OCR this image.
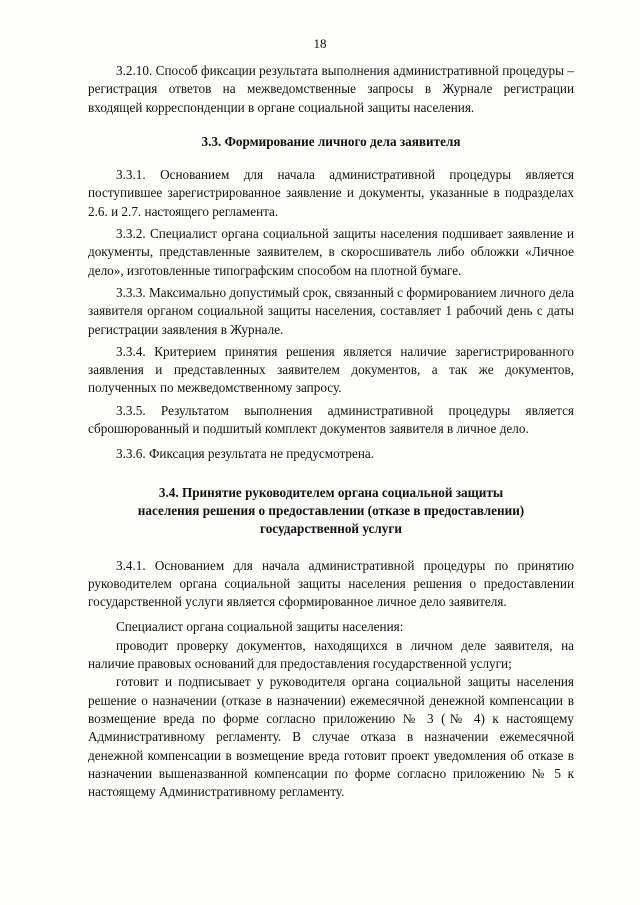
18

3.2.10. Способ фиксации результата выполнения административной процедуры – регистрация ответов на межведомственные запросы в Журнале регистрации входящей корреспонденции в органе социальной защиты населения.

3.3. Формирование личного дела заявителя

3.3.1. Основанием для начала административной процедуры является поступившее зарегистрированное заявление и документы, указанные в подразделах 2.6. и 2.7. настоящего регламента.

3.3.2. Специалист органа социальной защиты населения подшивает заявление и документы, представленные заявителем, в скоросшиватель либо обложки «Личное дело», изготовленные типографским способом на плотной бумаге.

3.3.3. Максимально допустимый срок, связанный с формированием личного дела заявителя органом социальной защиты населения, составляет 1 рабочий день с даты регистрации заявления в Журнале.

3.3.4. Критерием принятия решения является наличие зарегистрированного заявления и представленных заявителем документов, а так же документов, полученных по межведомственному запросу.

3.3.5. Результатом выполнения административной процедуры является сброшюрованный и подшитый комплект документов заявителя в личное дело.

3.3.6. Фиксация результата не предусмотрена.

3.4. Принятие руководителем органа социальной защиты

населения решения о предоставлении (отказе в предоставлении)

государственной услуги

3.4.1. Основанием для начала административной процедуры по принятию руководителем органа социальной защиты населения решения о предоставлении государственной услуги является сформированное личное дело заявителя.

Специалист органа социальной защиты населения:

проводит проверку документов, находящихся в личном деле заявителя, на наличие правовых оснований для предоставления государственной услуги;

готовит и подписывает у руководителя органа социальной защиты населения решение о назначении (отказе в назначении) ежемесячной денежной компенсации в возмещение вреда по форме согласно приложению № 3 (№ 4) к настоящему Административному регламенту. В случае отказа в назначении ежемесячной денежной компенсации в возмещение вреда готовит проект уведомления об отказе в назначении вышеназванной компенсации по форме согласно приложению № 5 к настоящему Административному регламенту.
